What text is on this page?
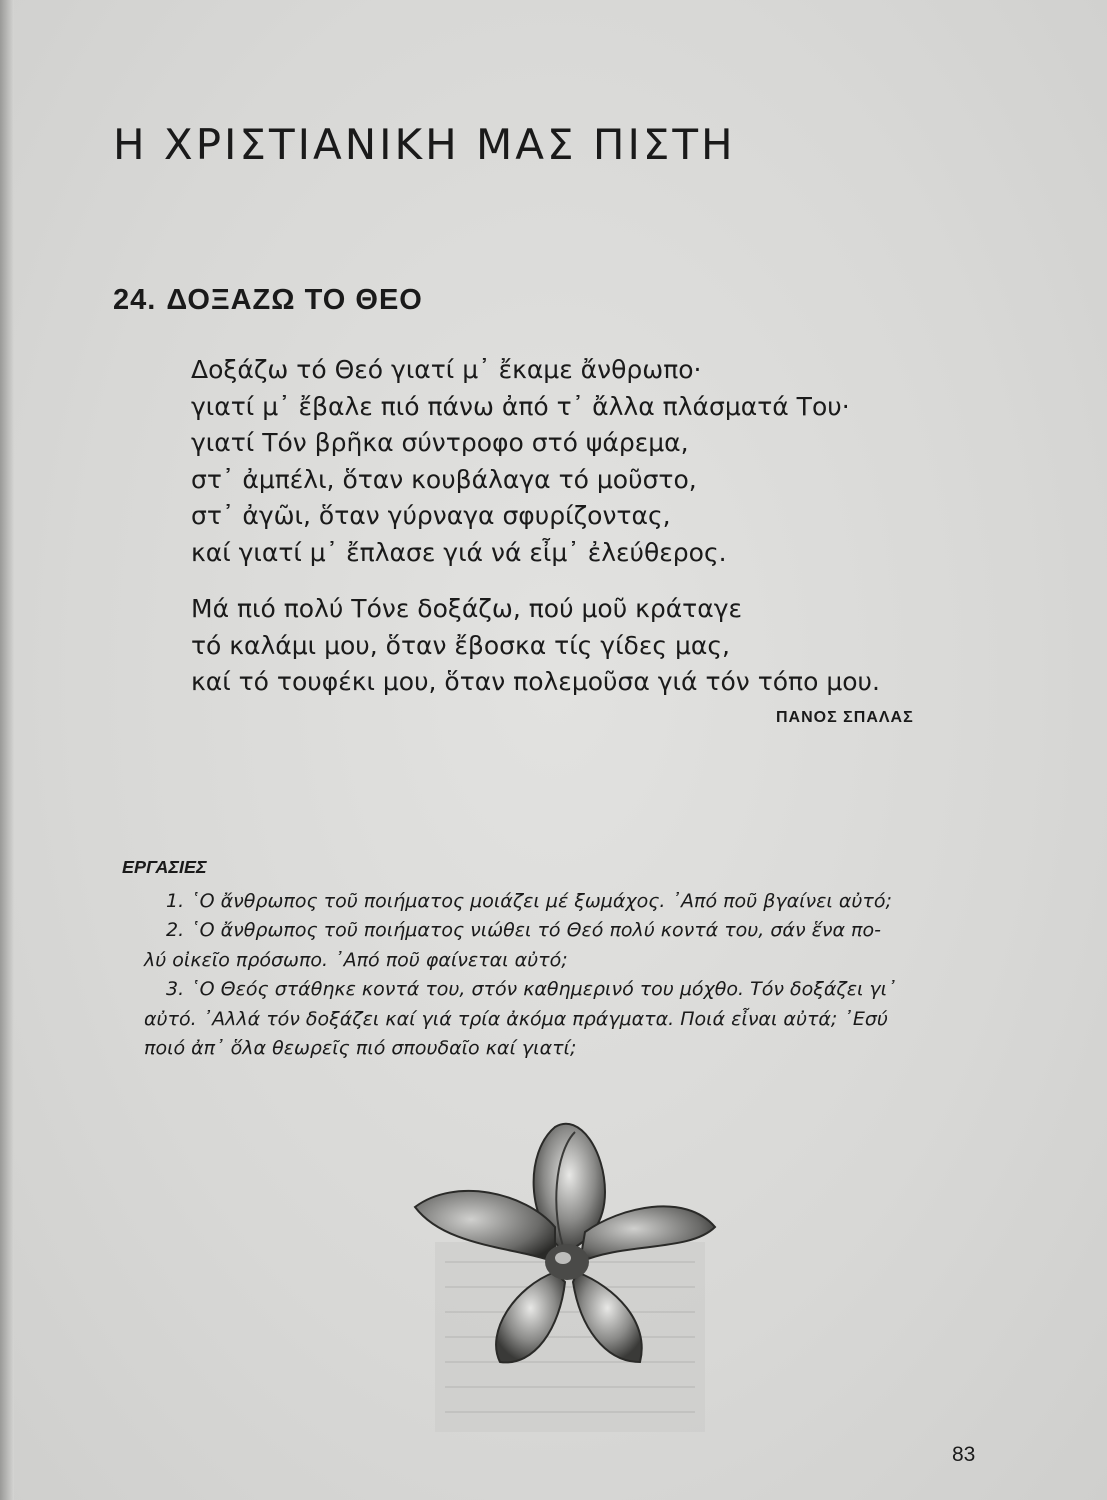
Η ΧΡΙΣΤΙΑΝΙΚΗ ΜΑΣ ΠΙΣΤΗ
24. ΔΟΞΑΖΩ ΤΟ ΘΕΟ
Δοξάζω τό Θεό γιατί μ᾽ ἔκαμε ἄνθρωπο·
γιατί μ᾽ ἔβαλε πιό πάνω ἀπό τ᾽ ἄλλα πλάσματά Του·
γιατί Τόν βρῆκα σύντροφο στό ψάρεμα,
στ᾽ ἀμπέλι, ὅταν κουβάλαγα τό μοῦστο,
στ᾽ ἀγῶι, ὅταν γύρναγα σφυρίζοντας,
καί γιατί μ᾽ ἔπλασε γιά νά εἶμ᾽ ἐλεύθερος.
Μά πιό πολύ Τόνε δοξάζω, πού μοῦ κράταγε
τό καλάμι μου, ὅταν ἔβοσκα τίς γίδες μας,
καί τό τουφέκι μου, ὅταν πολεμοῦσα γιά τόν τόπο μου.
ΠΑΝΟΣ ΣΠΑΛΑΣ
ΕΡΓΑΣΙΕΣ
1. ῾Ο ἄνθρωπος τοῦ ποιήματος μοιάζει μέ ξωμάχος. ᾽Από ποῦ βγαίνει αὐτό;
2. ῾Ο ἄνθρωπος τοῦ ποιήματος νιώθει τό Θεό πολύ κοντά του, σάν ἕνα πο-
λύ οἰκεῖο πρόσωπο. ᾽Από ποῦ φαίνεται αὐτό;
3. ῾Ο Θεός στάθηκε κοντά του, στόν καθημερινό του μόχθο. Τόν δοξάζει γι᾽
αὐτό. ᾽Αλλά τόν δοξάζει καί γιά τρία ἀκόμα πράγματα. Ποιά εἶναι αὐτά; ᾽Εσύ
ποιό ἀπ᾽ ὅλα θεωρεῖς πιό σπουδαῖο καί γιατί;
83
